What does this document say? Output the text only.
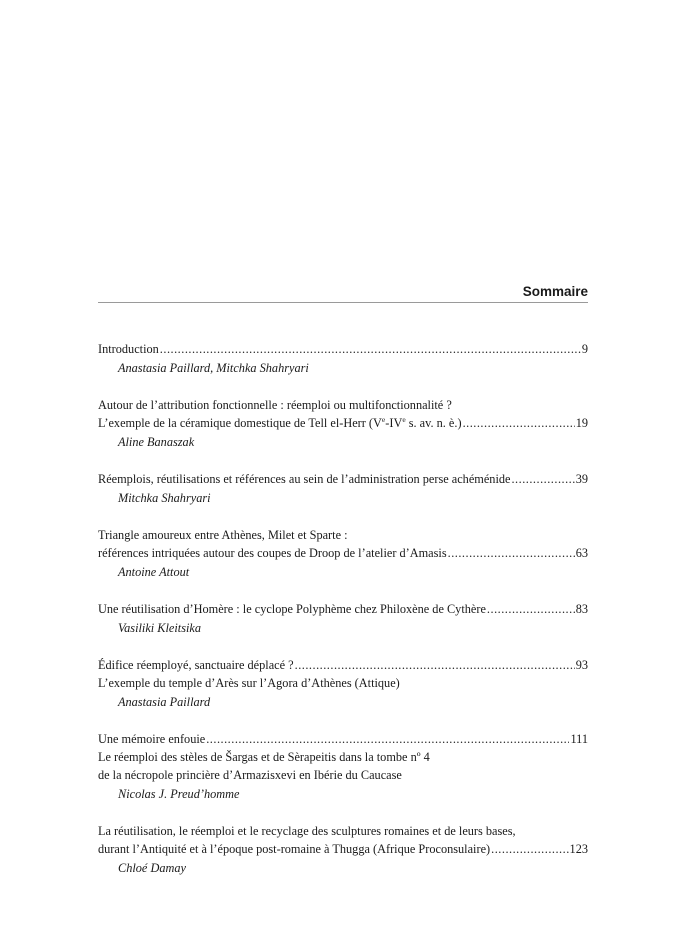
Sommaire
Introduction .....	9
Anastasia Paillard, Mitchka Shahryari
Autour de l’attribution fonctionnelle : réemploi ou multifonctionnalité ?
L’exemple de la céramique domestique de Tell el-Herr (Ve-IVe s. av. n. è.) .....	19
Aline Banaszak
Réemplois, réutilisations et références au sein de l’administration perse achéménide .....	39
Mitchka Shahryari
Triangle amoureux entre Athènes, Milet et Sparte :
références intriquées autour des coupes de Droop de l’atelier d’Amasis .....	63
Antoine Attout
Une réutilisation d’Homère : le cyclope Polyphème chez Philoxène de Cythère .....	83
Vasiliki Kleitsika
Édifice réemployé, sanctuaire déplacé ? .....	93
L’exemple du temple d’Arès sur l’Agora d’Athènes (Attique)
Anastasia Paillard
Une mémoire enfouie .....	111
Le réemploi des stèles de Šargas et de Sèrapeitis dans la tombe nº 4
de la nécropole princière d’Armazisxevi en Ibérie du Caucase
Nicolas J. Preud’homme
La réutilisation, le réemploi et le recyclage des sculptures romaines et de leurs bases,
durant l’Antiquité et à l’époque post-romaine à Thugga (Afrique Proconsulaire) .....	123
Chloé Damay
